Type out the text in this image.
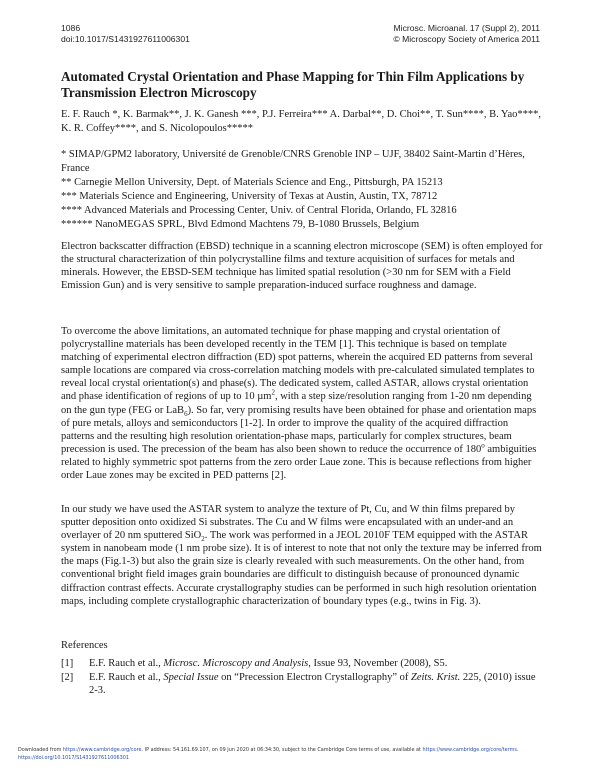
1086
doi:10.1017/S1431927611006301
Microsc. Microanal. 17 (Suppl 2), 2011
© Microscopy Society of America 2011
Automated Crystal Orientation and Phase Mapping for Thin Film Applications by Transmission Electron Microscopy
E. F. Rauch *, K. Barmak**, J. K. Ganesh ***, P.J. Ferreira*** A. Darbal**, D. Choi**, T. Sun****, B. Yao****, K. R. Coffey****, and S. Nicolopoulos*****
* SIMAP/GPM2 laboratory, Université de Grenoble/CNRS Grenoble INP – UJF, 38402 Saint-Martin d’Hères, France
** Carnegie Mellon University, Dept. of Materials Science and Eng., Pittsburgh, PA 15213
*** Materials Science and Engineering, University of Texas at Austin, Austin, TX, 78712
**** Advanced Materials and Processing Center, Univ. of Central Florida, Orlando, FL 32816
****** NanoMEGAS SPRL, Blvd Edmond Machtens 79, B-1080 Brussels, Belgium
Electron backscatter diffraction (EBSD) technique in a scanning electron microscope (SEM) is often employed for the structural characterization of thin polycrystalline films and texture acquisition of surfaces for metals and minerals. However, the EBSD-SEM technique has limited spatial resolution (>30 nm for SEM with a Field Emission Gun) and is very sensitive to sample preparation-induced surface roughness and damage.
To overcome the above limitations, an automated technique for phase mapping and crystal orientation of polycrystalline materials has been developed recently in the TEM [1]. This technique is based on template matching of experimental electron diffraction (ED) spot patterns, wherein the acquired ED patterns from several sample locations are compared via cross-correlation matching models with pre-calculated simulated templates to reveal local crystal orientation(s) and phase(s). The dedicated system, called ASTAR, allows crystal orientation and phase identification of regions of up to 10 µm$^2$, with a step size/resolution ranging from 1-20 nm depending on the gun type (FEG or LaB$_6$). So far, very promising results have been obtained for phase and orientation maps of pure metals, alloys and semiconductors [1-2]. In order to improve the quality of the acquired diffraction patterns and the resulting high resolution orientation-phase maps, particularly for complex structures, beam precession is used. The precession of the beam has also been shown to reduce the occurrence of 180$^o$ ambiguities related to highly symmetric spot patterns from the zero order Laue zone. This is because reflections from higher order Laue zones may be excited in PED patterns [2].
In our study we have used the ASTAR system to analyze the texture of Pt, Cu, and W thin films prepared by sputter deposition onto oxidized Si substrates. The Cu and W films were encapsulated with an under-and an overlayer of 20 nm sputtered SiO$_2$. The work was performed in a JEOL 2010F TEM equipped with the ASTAR system in nanobeam mode (1 nm probe size). It is of interest to note that not only the texture may be inferred from the maps (Fig.1-3) but also the grain size is clearly revealed with such measurements. On the other hand, from conventional bright field images grain boundaries are difficult to distinguish because of pronounced dynamic diffraction contrast effects. Accurate crystallography studies can be performed in such high resolution orientation maps, including complete crystallographic characterization of boundary types (e.g., twins in Fig. 3).
References
[1] E.F. Rauch et al., Microsc. Microscopy and Analysis, Issue 93, November (2008), S5.
[2] E.F. Rauch et al., Special Issue on “Precession Electron Crystallography” of Zeits. Krist. 225, (2010) issue 2-3.
Downloaded from https://www.cambridge.org/core. IP address: 54.161.69.107, on 09 Jun 2020 at 06:34:30, subject to the Cambridge Core terms of use, available at https://www.cambridge.org/core/terms.
https://doi.org/10.1017/S1431927611006301
